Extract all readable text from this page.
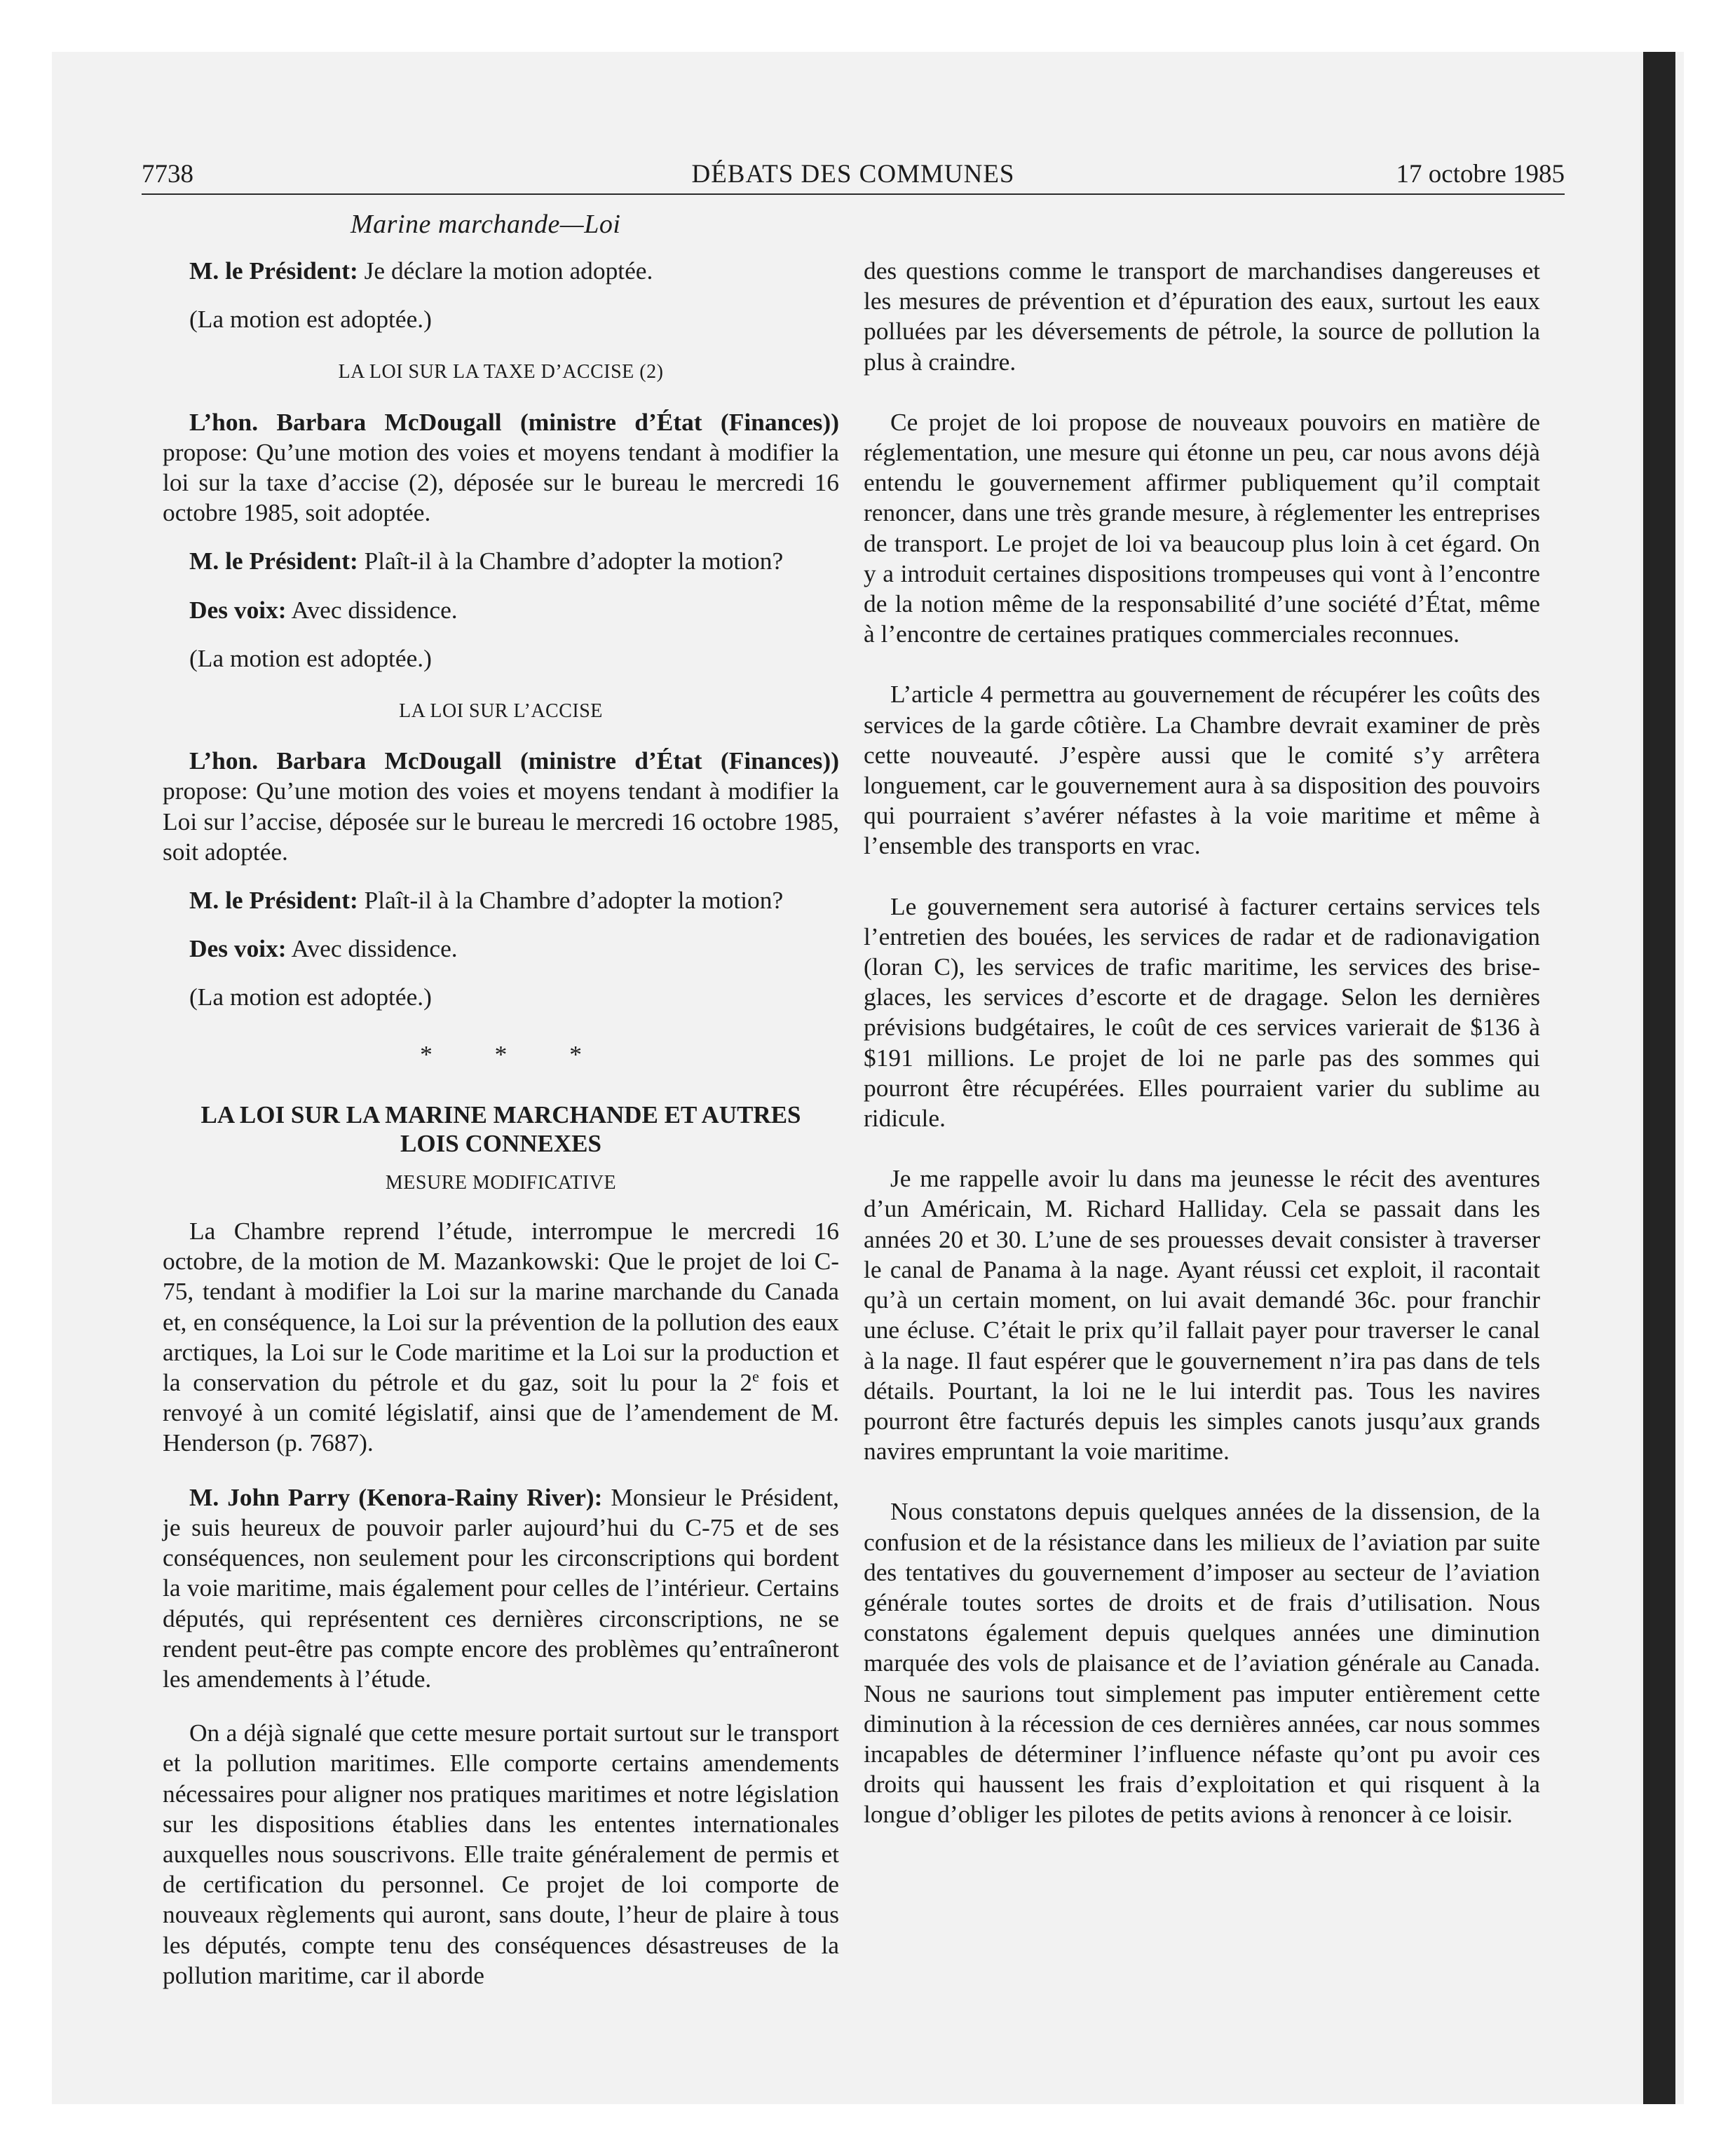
7738	DÉBATS DES COMMUNES	17 octobre 1985
Marine marchande—Loi

M. le Président: Je déclare la motion adoptée.

(La motion est adoptée.)

LA LOI SUR LA TAXE D’ACCISE (2)

L’hon. Barbara McDougall (ministre d’État (Finances)) propose: Qu’une motion des voies et moyens tendant à modifier la loi sur la taxe d’accise (2), déposée sur le bureau le mercredi 16 octobre 1985, soit adoptée.

M. le Président: Plaît-il à la Chambre d’adopter la motion?

Des voix: Avec dissidence.

(La motion est adoptée.)

LA LOI SUR L’ACCISE

L’hon. Barbara McDougall (ministre d’État (Finances)) propose: Qu’une motion des voies et moyens tendant à modifier la Loi sur l’accise, déposée sur le bureau le mercredi 16 octobre 1985, soit adoptée.

M. le Président: Plaît-il à la Chambre d’adopter la motion?

Des voix: Avec dissidence.

(La motion est adoptée.)

* * *

LA LOI SUR LA MARINE MARCHANDE ET AUTRES LOIS CONNEXES

MESURE MODIFICATIVE

La Chambre reprend l’étude, interrompue le mercredi 16 octobre, de la motion de M. Mazankowski: Que le projet de loi C-75, tendant à modifier la Loi sur la marine marchande du Canada et, en conséquence, la Loi sur la prévention de la pollution des eaux arctiques, la Loi sur le Code maritime et la Loi sur la production et la conservation du pétrole et du gaz, soit lu pour la 2e fois et renvoyé à un comité législatif, ainsi que de l’amendement de M. Henderson (p. 7687).

M. John Parry (Kenora-Rainy River): Monsieur le Président, je suis heureux de pouvoir parler aujourd’hui du C-75 et de ses conséquences, non seulement pour les circonscriptions qui bordent la voie maritime, mais également pour celles de l’intérieur. Certains députés, qui représentent ces dernières circonscriptions, ne se rendent peut-être pas compte encore des problèmes qu’entraîneront les amendements à l’étude.

On a déjà signalé que cette mesure portait surtout sur le transport et la pollution maritimes. Elle comporte certains amendements nécessaires pour aligner nos pratiques maritimes et notre législation sur les dispositions établies dans les ententes internationales auxquelles nous souscrivons. Elle traite généralement de permis et de certification du personnel. Ce projet de loi comporte de nouveaux règlements qui auront, sans doute, l’heur de plaire à tous les députés, compte tenu des conséquences désastreuses de la pollution maritime, car il aborde

des questions comme le transport de marchandises dangereuses et les mesures de prévention et d’épuration des eaux, surtout les eaux polluées par les déversements de pétrole, la source de pollution la plus à craindre.

Ce projet de loi propose de nouveaux pouvoirs en matière de réglementation, une mesure qui étonne un peu, car nous avons déjà entendu le gouvernement affirmer publiquement qu’il comptait renoncer, dans une très grande mesure, à réglementer les entreprises de transport. Le projet de loi va beaucoup plus loin à cet égard. On y a introduit certaines dispositions trompeuses qui vont à l’encontre de la notion même de la responsabilité d’une société d’État, même à l’encontre de certaines pratiques commerciales reconnues.

L’article 4 permettra au gouvernement de récupérer les coûts des services de la garde côtière. La Chambre devrait examiner de près cette nouveauté. J’espère aussi que le comité s’y arrêtera longuement, car le gouvernement aura à sa disposition des pouvoirs qui pourraient s’avérer néfastes à la voie maritime et même à l’ensemble des transports en vrac.

Le gouvernement sera autorisé à facturer certains services tels l’entretien des bouées, les services de radar et de radionavigation (loran C), les services de trafic maritime, les services des brise-glaces, les services d’escorte et de dragage. Selon les dernières prévisions budgétaires, le coût de ces services varierait de $136 à $191 millions. Le projet de loi ne parle pas des sommes qui pourront être récupérées. Elles pourraient varier du sublime au ridicule.

Je me rappelle avoir lu dans ma jeunesse le récit des aventures d’un Américain, M. Richard Halliday. Cela se passait dans les années 20 et 30. L’une de ses prouesses devait consister à traverser le canal de Panama à la nage. Ayant réussi cet exploit, il racontait qu’à un certain moment, on lui avait demandé 36c. pour franchir une écluse. C’était le prix qu’il fallait payer pour traverser le canal à la nage. Il faut espérer que le gouvernement n’ira pas dans de tels détails. Pourtant, la loi ne le lui interdit pas. Tous les navires pourront être facturés depuis les simples canots jusqu’aux grands navires empruntant la voie maritime.

Nous constatons depuis quelques années de la dissension, de la confusion et de la résistance dans les milieux de l’aviation par suite des tentatives du gouvernement d’imposer au secteur de l’aviation générale toutes sortes de droits et de frais d’utilisation. Nous constatons également depuis quelques années une diminution marquée des vols de plaisance et de l’aviation générale au Canada. Nous ne saurions tout simplement pas imputer entièrement cette diminution à la récession de ces dernières années, car nous sommes incapables de déterminer l’influence néfaste qu’ont pu avoir ces droits qui haussent les frais d’exploitation et qui risquent à la longue d’obliger les pilotes de petits avions à renoncer à ce loisir.
